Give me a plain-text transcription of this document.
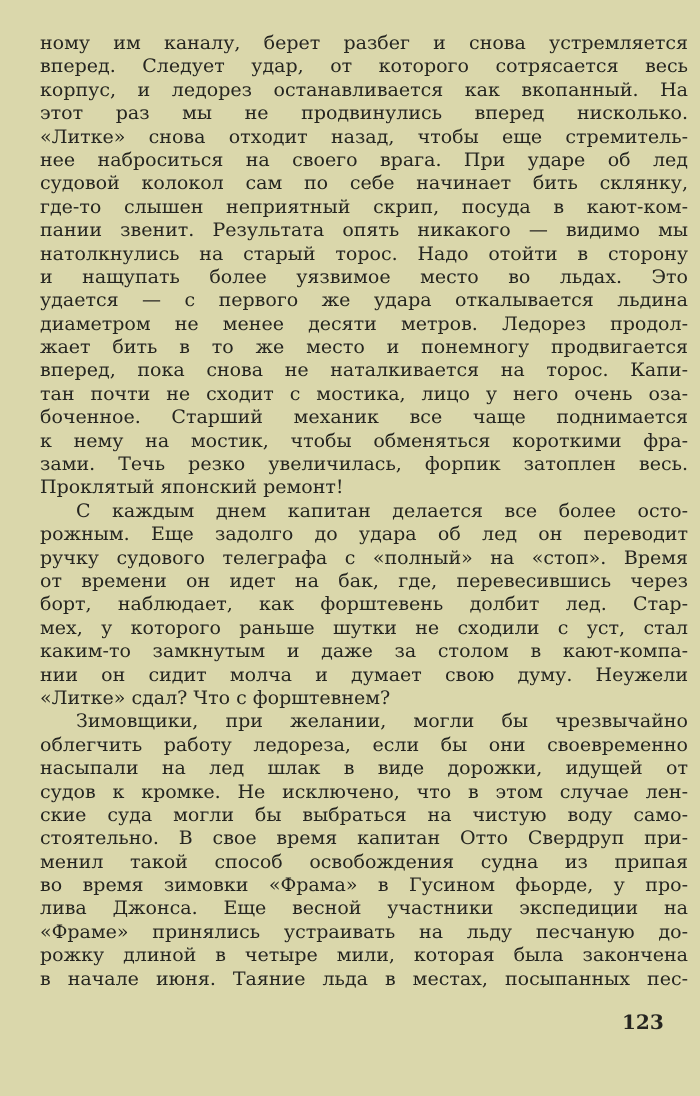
ному им каналу, берет разбег и снова устремляется
вперед. Следует удар, от которого сотрясается весь
корпус, и ледорез останавливается как вкопанный. На
этот раз мы не продвинулись вперед нисколько.
«Литке» снова отходит назад, чтобы еще стремитель-
нее наброситься на своего врага. При ударе об лед
судовой колокол сам по себе начинает бить склянку,
где-то слышен неприятный скрип, посуда в кают-ком-
пании звенит. Результата опять никакого — видимо мы
натолкнулись на старый торос. Надо отойти в сторону
и нащупать более уязвимое место во льдах. Это
удается — с первого же удара откалывается льдина
диаметром не менее десяти метров. Ледорез продол-
жает бить в то же место и понемногу продвигается
вперед, пока снова не наталкивается на торос. Капи-
тан почти не сходит с мостика, лицо у него очень оза-
боченное. Старший механик все чаще поднимается
к нему на мостик, чтобы обменяться короткими фра-
зами. Течь резко увеличилась, форпик затоплен весь.
Проклятый японский ремонт!
С каждым днем капитан делается все более осто-
рожным. Еще задолго до удара об лед он переводит
ручку судового телеграфа с «полный» на «стоп». Время
от времени он идет на бак, где, перевесившись через
борт, наблюдает, как форштевень долбит лед. Стар-
мех, у которого раньше шутки не сходили с уст, стал
каким-то замкнутым и даже за столом в кают-компа-
нии он сидит молча и думает свою думу. Неужели
«Литке» сдал? Что с форштевнем?
Зимовщики, при желании, могли бы чрезвычайно
облегчить работу ледореза, если бы они своевременно
насыпали на лед шлак в виде дорожки, идущей от
судов к кромке. Не исключено, что в этом случае лен-
ские суда могли бы выбраться на чистую воду само-
стоятельно. В свое время капитан Отто Свердруп при-
менил такой способ освобождения судна из припая
во время зимовки «Фрама» в Гусином фьорде, у про-
лива Джонса. Еще весной участники экспедиции на
«Фраме» принялись устраивать на льду песчаную до-
рожку длиной в четыре мили, которая была закончена
в начале июня. Таяние льда в местах, посыпанных пес-
123
